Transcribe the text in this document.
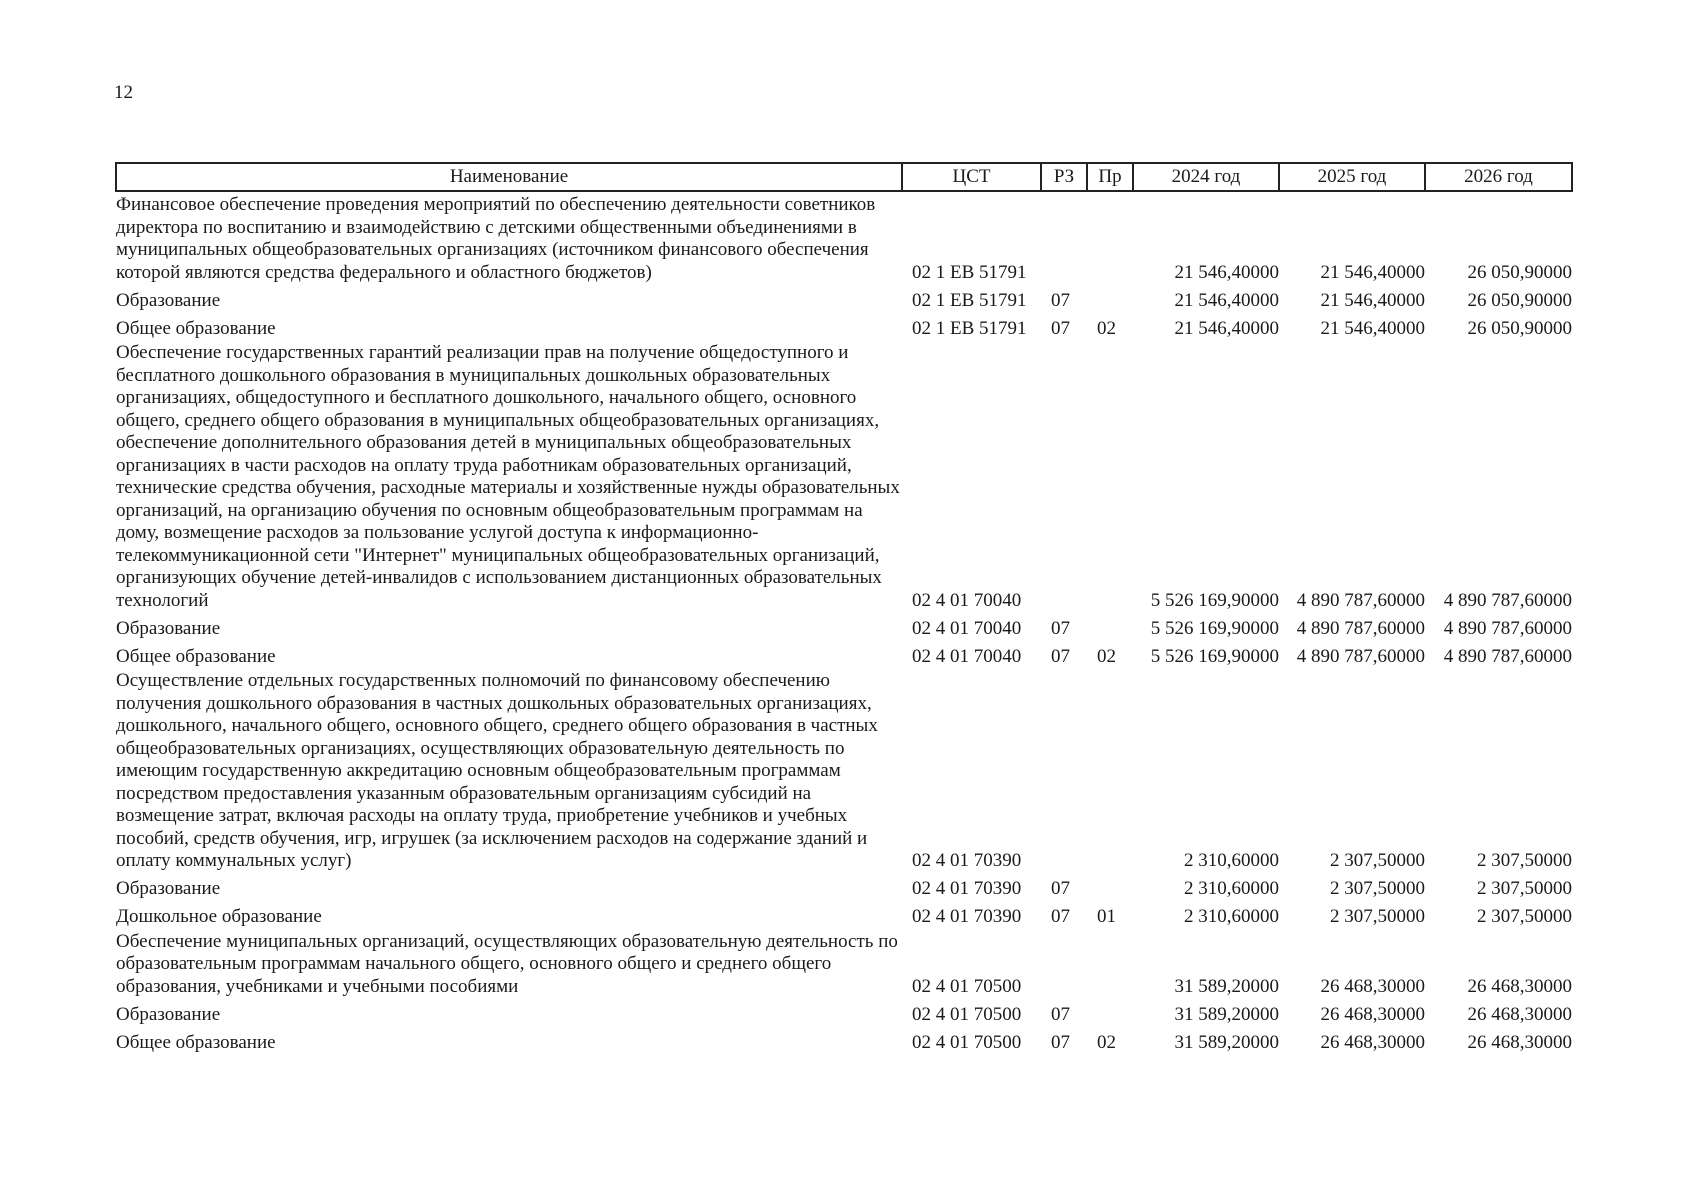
12
Наименование	ЦСТ	РЗ	Пр	2024 год	2025 год	2026 год
Финансовое обеспечение проведения мероприятий по обеспечению деятельности советников директора по воспитанию и взаимодействию с детскими общественными объединениями в муниципальных общеобразовательных организациях (источником финансового обеспечения которой являются средства федерального и областного бюджетов)	02 1 ЕВ 51791			21 546,40000	21 546,40000	26 050,90000
Образование	02 1 ЕВ 51791	07		21 546,40000	21 546,40000	26 050,90000
Общее образование	02 1 ЕВ 51791	07	02	21 546,40000	21 546,40000	26 050,90000
Обеспечение государственных гарантий реализации прав на получение общедоступного и бесплатного дошкольного образования в муниципальных дошкольных образовательных организациях, общедоступного и бесплатного дошкольного, начального общего, основного общего, среднего общего образования в муниципальных общеобразовательных организациях, обеспечение дополнительного образования детей в муниципальных общеобразовательных организациях в части расходов на оплату труда работникам образовательных организаций, технические средства обучения, расходные материалы и хозяйственные нужды образовательных организаций, на организацию обучения по основным общеобразовательным программам на дому, возмещение расходов за пользование услугой доступа к информационно-телекоммуникационной сети "Интернет" муниципальных общеобразовательных организаций, организующих обучение детей-инвалидов с использованием дистанционных образовательных технологий	02 4 01 70040			5 526 169,90000	4 890 787,60000	4 890 787,60000
Образование	02 4 01 70040	07		5 526 169,90000	4 890 787,60000	4 890 787,60000
Общее образование	02 4 01 70040	07	02	5 526 169,90000	4 890 787,60000	4 890 787,60000
Осуществление отдельных государственных полномочий по финансовому обеспечению получения дошкольного образования в частных дошкольных образовательных организациях, дошкольного, начального общего, основного общего, среднего общего образования в частных общеобразовательных организациях, осуществляющих образовательную деятельность по имеющим государственную аккредитацию основным общеобразовательным программам посредством предоставления указанным образовательным организациям субсидий на возмещение затрат, включая расходы на оплату труда, приобретение учебников и учебных пособий, средств обучения, игр, игрушек (за исключением расходов на содержание зданий и оплату коммунальных услуг)	02 4 01 70390			2 310,60000	2 307,50000	2 307,50000
Образование	02 4 01 70390	07		2 310,60000	2 307,50000	2 307,50000
Дошкольное образование	02 4 01 70390	07	01	2 310,60000	2 307,50000	2 307,50000
Обеспечение муниципальных организаций, осуществляющих образовательную деятельность по образовательным программам начального общего, основного общего и среднего общего образования, учебниками и учебными пособиями	02 4 01 70500			31 589,20000	26 468,30000	26 468,30000
Образование	02 4 01 70500	07		31 589,20000	26 468,30000	26 468,30000
Общее образование	02 4 01 70500	07	02	31 589,20000	26 468,30000	26 468,30000
